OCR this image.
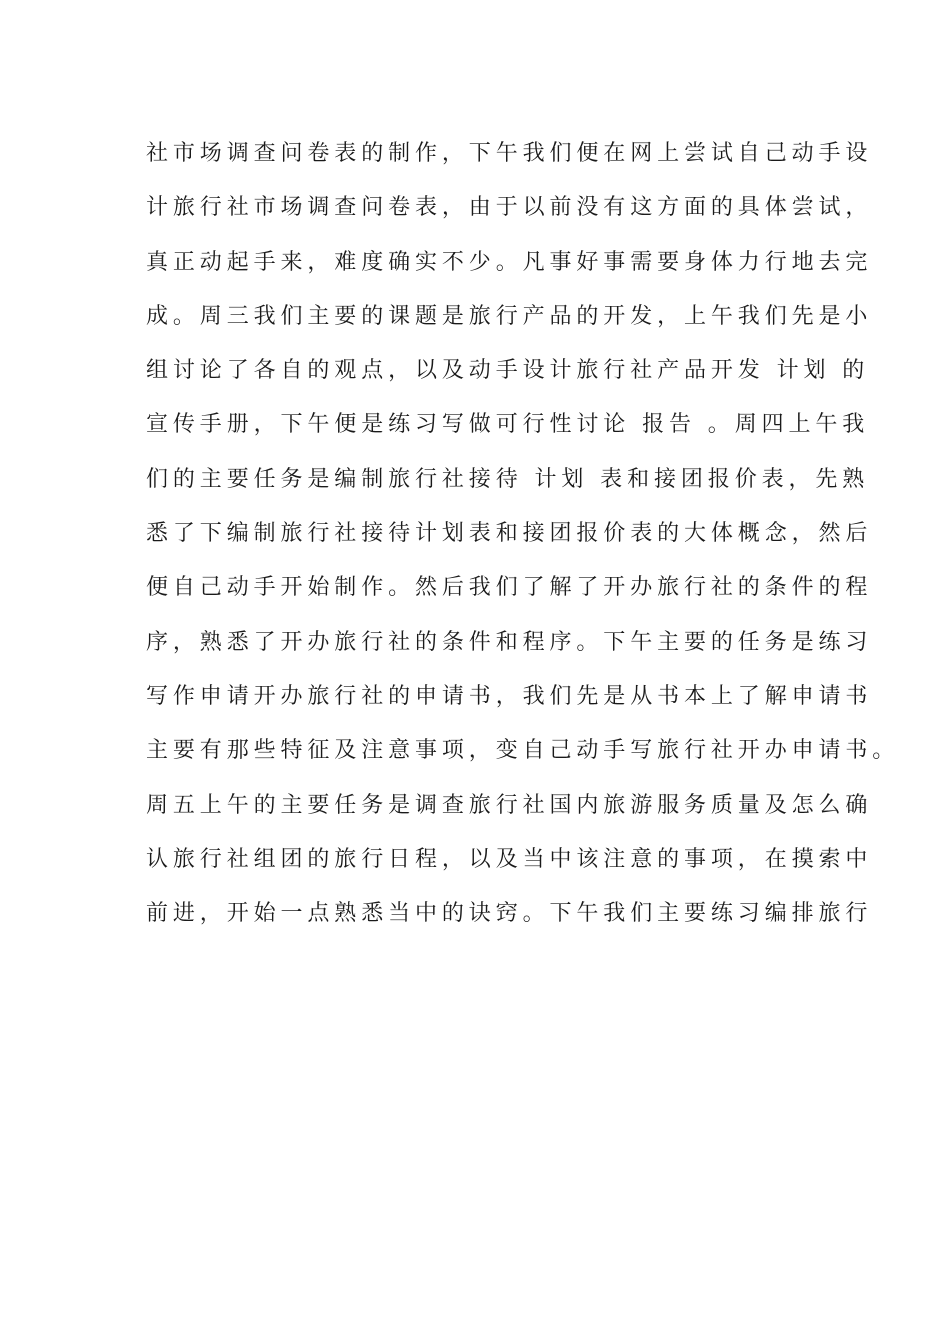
社市场调查问卷表的制作，下午我们便在网上尝试自己动手设
计旅行社市场调查问卷表，由于以前没有这方面的具体尝试，
真正动起手来，难度确实不少。凡事好事需要身体力行地去完
成。周三我们主要的课题是旅行产品的开发，上午我们先是小
组讨论了各自的观点，以及动手设计旅行社产品开发 计划 的
宣传手册，下午便是练习写做可行性讨论 报告 。周四上午我
们的主要任务是编制旅行社接待 计划 表和接团报价表，先熟
悉了下编制旅行社接待计划表和接团报价表的大体概念，然后
便自己动手开始制作。然后我们了解了开办旅行社的条件的程
序，熟悉了开办旅行社的条件和程序。下午主要的任务是练习
写作申请开办旅行社的申请书，我们先是从书本上了解申请书
主要有那些特征及注意事项，变自己动手写旅行社开办申请书。
周五上午的主要任务是调查旅行社国内旅游服务质量及怎么确
认旅行社组团的旅行日程，以及当中该注意的事项，在摸索中
前进，开始一点熟悉当中的诀窍。下午我们主要练习编排旅行
